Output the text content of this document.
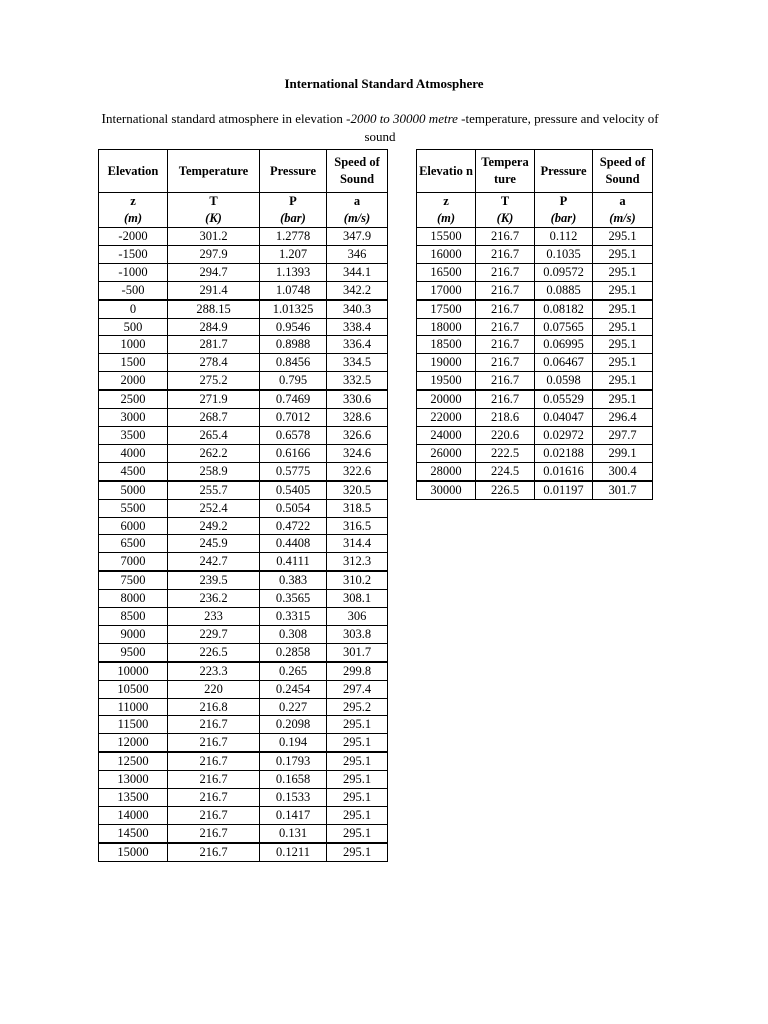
International Standard Atmosphere
International standard atmosphere in elevation -2000 to 30000 metre -temperature, pressure and velocity of sound
Elevation	Temperature	Pressure	Speed of Sound
z	T	P	a
(m)	(K)	(bar)	(m/s)
-2000	301.2	1.2778	347.9
-1500	297.9	1.207	346
-1000	294.7	1.1393	344.1
-500	291.4	1.0748	342.2
0	288.15	1.01325	340.3
500	284.9	0.9546	338.4
1000	281.7	0.8988	336.4
1500	278.4	0.8456	334.5
2000	275.2	0.795	332.5
2500	271.9	0.7469	330.6
3000	268.7	0.7012	328.6
3500	265.4	0.6578	326.6
4000	262.2	0.6166	324.6
4500	258.9	0.5775	322.6
5000	255.7	0.5405	320.5
5500	252.4	0.5054	318.5
6000	249.2	0.4722	316.5
6500	245.9	0.4408	314.4
7000	242.7	0.4111	312.3
7500	239.5	0.383	310.2
8000	236.2	0.3565	308.1
8500	233	0.3315	306
9000	229.7	0.308	303.8
9500	226.5	0.2858	301.7
10000	223.3	0.265	299.8
10500	220	0.2454	297.4
11000	216.8	0.227	295.2
11500	216.7	0.2098	295.1
12000	216.7	0.194	295.1
12500	216.7	0.1793	295.1
13000	216.7	0.1658	295.1
13500	216.7	0.1533	295.1
14000	216.7	0.1417	295.1
14500	216.7	0.131	295.1
15000	216.7	0.1211	295.1
Elevatio n	Tempera ture	Pressure	Speed of Sound
z	T	P	a
(m)	(K)	(bar)	(m/s)
15500	216.7	0.112	295.1
16000	216.7	0.1035	295.1
16500	216.7	0.09572	295.1
17000	216.7	0.0885	295.1
17500	216.7	0.08182	295.1
18000	216.7	0.07565	295.1
18500	216.7	0.06995	295.1
19000	216.7	0.06467	295.1
19500	216.7	0.0598	295.1
20000	216.7	0.05529	295.1
22000	218.6	0.04047	296.4
24000	220.6	0.02972	297.7
26000	222.5	0.02188	299.1
28000	224.5	0.01616	300.4
30000	226.5	0.01197	301.7
